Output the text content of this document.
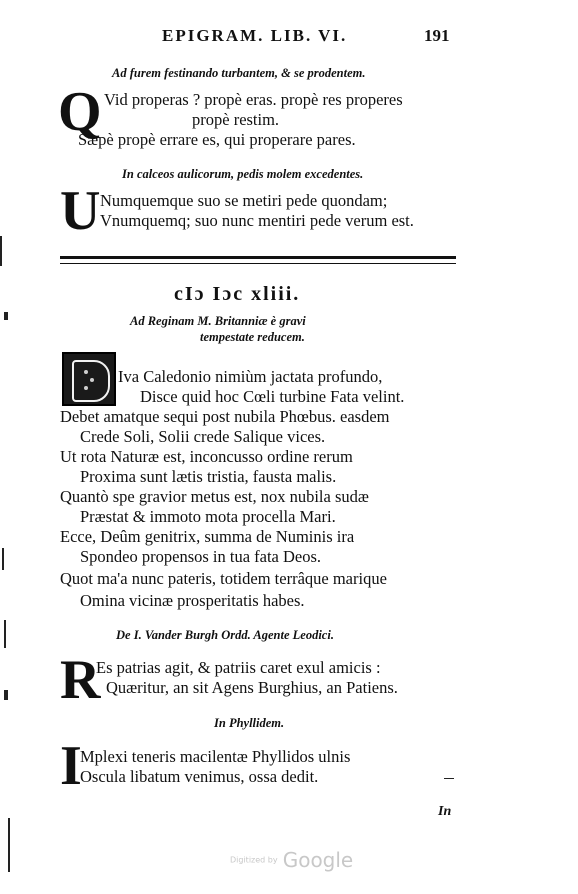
EPIGRAM. LIB. VI.	191
Ad furem festinando turbantem, & se prodentem.
Q Vid properas ? propè eras. propè res properes
propè restim.
Sæpè propè errare es, qui properare pares.
In calceos aulicorum, pedis molem excedentes.
U Numquemque suo se metiri pede quondam;
Vnumquemq; suo nunc mentiri pede verum est.
cIɔ Iɔc xliii.
Ad Reginam M. Britanniæ è gravi
tempestate reducem.
Iva Caledonio nimiùm jactata profundo,
Disce quid hoc Cœli turbine Fata velint.
Debet amatque sequi post nubila Phœbus. easdem
Crede Soli, Solii crede Salique vices.
Ut rota Naturæ est, inconcusso ordine rerum
Proxima sunt lætis tristia, fausta malis.
Quantò spe gravior metus est, nox nubila sudæ
Præstat & immoto mota procella Mari.
Ecce, Deûm genitrix, summa de Numinis ira
Spondeo propensos in tua fata Deos.
Quot ma'a nunc pateris, totidem terrâque marique
Omina vicinæ prosperitatis habes.
De I. Vander Burgh Ordd. Agente Leodici.
R
Es patrias agit, & patriis caret exul amicis :
Quæritur, an sit Agens Burghius, an Patiens.
In Phyllidem.
I
Mplexi teneris macilentæ Phyllidos ulnis
Oscula libatum venimus, ossa dedit.
In
Digitized by Google
